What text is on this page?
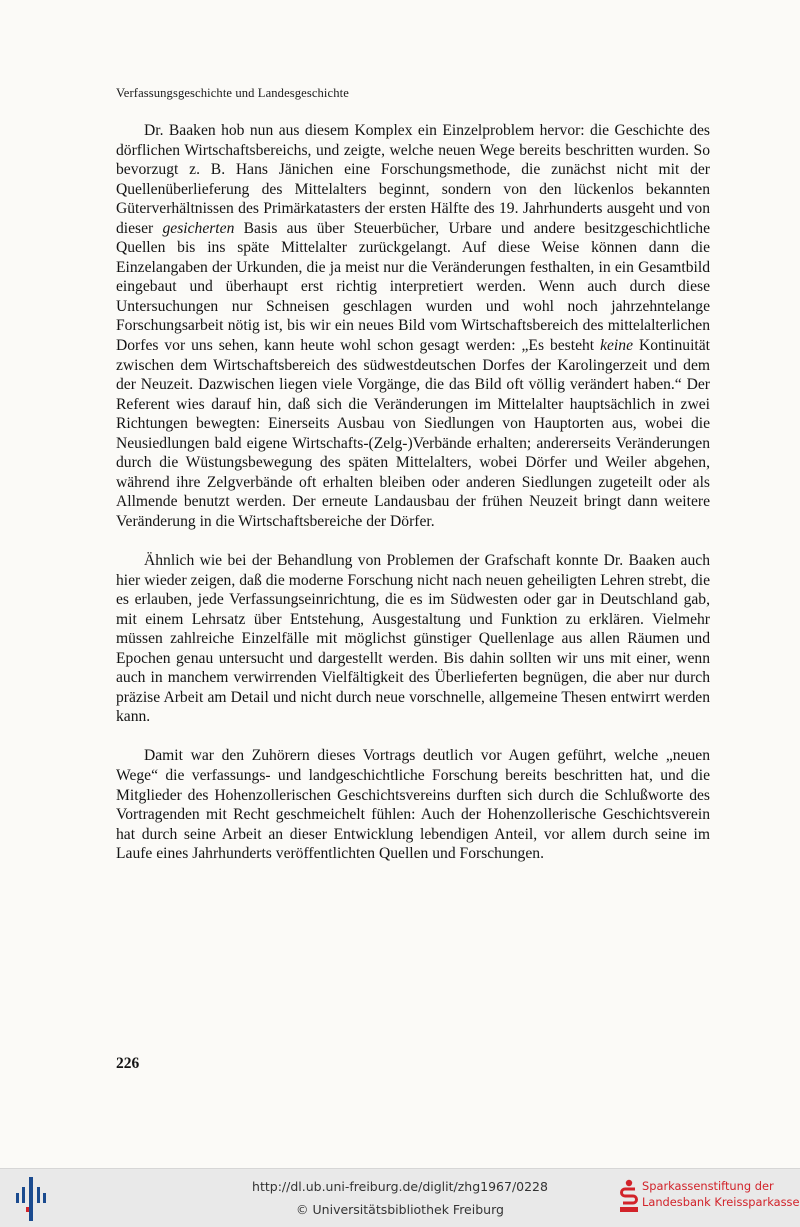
Verfassungsgeschichte und Landesgeschichte

Dr. Baaken hob nun aus diesem Komplex ein Einzelproblem hervor: die Geschichte des dörflichen Wirtschaftsbereichs, und zeigte, welche neuen Wege bereits beschritten wurden. So bevorzugt z. B. Hans Jänichen eine Forschungsmethode, die zunächst nicht mit der Quellenüberlieferung des Mittelalters beginnt, sondern von den lückenlos bekannten Güterverhältnissen des Primärkatasters der ersten Hälfte des 19. Jahrhunderts ausgeht und von dieser gesicherten Basis aus über Steuerbücher, Urbare und andere besitzgeschichtliche Quellen bis ins späte Mittelalter zurückgelangt. Auf diese Weise können dann die Einzelangaben der Urkunden, die ja meist nur die Veränderungen festhalten, in ein Gesamtbild eingebaut und überhaupt erst richtig interpretiert werden. Wenn auch durch diese Untersuchungen nur Schneisen geschlagen wurden und wohl noch jahrzehntelange Forschungsarbeit nötig ist, bis wir ein neues Bild vom Wirtschaftsbereich des mittelalterlichen Dorfes vor uns sehen, kann heute wohl schon gesagt werden: „Es besteht keine Kontinuität zwischen dem Wirtschaftsbereich des südwestdeutschen Dorfes der Karolingerzeit und dem der Neuzeit. Dazwischen liegen viele Vorgänge, die das Bild oft völlig verändert haben.“ Der Referent wies darauf hin, daß sich die Veränderungen im Mittelalter hauptsächlich in zwei Richtungen bewegten: Einerseits Ausbau von Siedlungen von Hauptorten aus, wobei die Neusiedlungen bald eigene Wirtschafts-(Zelg-)Verbände erhalten; andererseits Veränderungen durch die Wüstungsbewegung des späten Mittelalters, wobei Dörfer und Weiler abgehen, während ihre Zelgverbände oft erhalten bleiben oder anderen Siedlungen zugeteilt oder als Allmende benutzt werden. Der erneute Landausbau der frühen Neuzeit bringt dann weitere Veränderung in die Wirtschaftsbereiche der Dörfer.

Ähnlich wie bei der Behandlung von Problemen der Grafschaft konnte Dr. Baaken auch hier wieder zeigen, daß die moderne Forschung nicht nach neuen geheiligten Lehren strebt, die es erlauben, jede Verfassungseinrichtung, die es im Südwesten oder gar in Deutschland gab, mit einem Lehrsatz über Entstehung, Ausgestaltung und Funktion zu erklären. Vielmehr müssen zahlreiche Einzelfälle mit möglichst günstiger Quellenlage aus allen Räumen und Epochen genau untersucht und dargestellt werden. Bis dahin sollten wir uns mit einer, wenn auch in manchem verwirrenden Vielfältigkeit des Überlieferten begnügen, die aber nur durch präzise Arbeit am Detail und nicht durch neue vorschnelle, allgemeine Thesen entwirrt werden kann.

Damit war den Zuhörern dieses Vortrags deutlich vor Augen geführt, welche „neuen Wege“ die verfassungs- und landgeschichtliche Forschung bereits beschritten hat, und die Mitglieder des Hohenzollerischen Geschichtsvereins durften sich durch die Schlußworte des Vortragenden mit Recht geschmeichelt fühlen: Auch der Hohenzollerische Geschichtsverein hat durch seine Arbeit an dieser Entwicklung lebendigen Anteil, vor allem durch seine im Laufe eines Jahrhunderts veröffentlichten Quellen und Forschungen.

226
http://dl.ub.uni-freiburg.de/diglit/zhg1967/0228
© Universitätsbibliothek Freiburg
Sparkassenstiftung der
Landesbank Kreissparkasse
